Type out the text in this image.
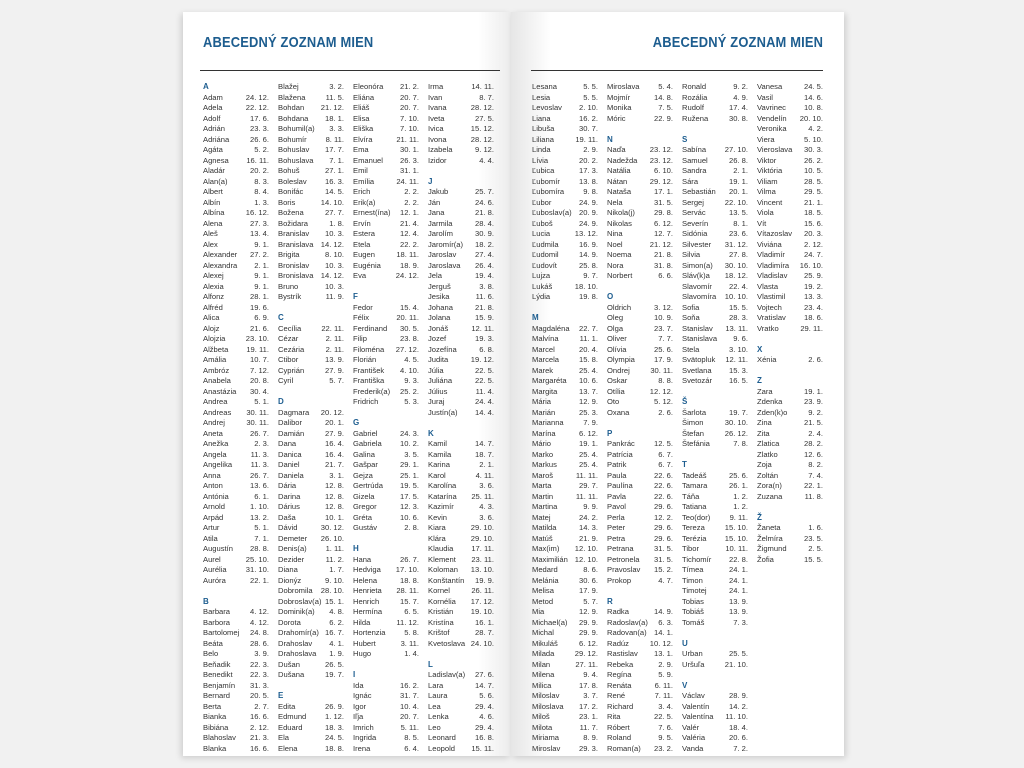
ABECEDNÝ ZOZNAM MIEN
A
Adam	24. 12.
Adela	22. 12.
Adolf	17. 6.
Adrián	23. 3.
Adriána	26. 6.
Agáta	5. 2.
Agnesa 16. 11.
Aladár	20. 2.
Alan(a)	8. 3.
Albert	8. 4.
Albín	1. 3.
Albína	16. 12.
Alena	27. 3.
Aleš	13. 4.
Alex	9. 1.
Alexander 27. 2.
Alexandra 2. 1.
Alexej	9. 1.
Alexia	9. 1.
Alfonz	28. 1.
Alfréd	19. 6.
Alica	6. 9.
Alojz	21. 6.
Alojzia	23. 10.
Alžbeta 19. 11.
Amália	10. 7.
Ambróz	7. 12.
Anabela	20. 8.
Anastázia 30. 4.
Andrea	5. 1.
Andreas 30. 11.
Andrej	30. 11.
Aneta	26. 7.
Anežka	2. 3.
Angela	11. 3.
Angelika 11. 3.
Anna	26. 7.
Anton	13. 6.
Antónia	6. 1.
Arnold	1. 10.
Arpád	13. 2.
Artur	5. 1.
Atila	7. 1.
Augustín 28. 8.
Aurel	25. 10.
Aurélia	31. 10.
Auróra	22. 1.
B
Barbara	4. 12.
Barbora	4. 12.
Bartolomej 24. 8.
Beáta	28. 6.
Belo	3. 9.
Beňadik	22. 3.
Benedikt 22. 3.
Benjamín 31. 3.
Bernard	20. 5.
Berta	2. 7.
Bianka	16. 6.
Bibiána	2. 12.
Blahoslav 21. 3.
Blanka	16. 6.
Blažej	3. 2.
Blažena	11. 5.
Bohdan 21. 12.
Bohdana 18. 1.
Bohumil(a) 3. 3.
Bohumír 8. 11.
Bohuslav 17. 7.
Bohuslava 7. 1.
Bohuš	27. 1.
Boleslav 16. 3.
Bonifác	14. 5.
Boris	14. 10.
Božena	27. 7.
Božidara	1. 8.
Branislav 10. 3.
Branislava 14. 12.
Brigita	8. 10.
Bronislav 10. 3.
Bronislava 14. 12.
Bruno	10. 3.
Bystrík	11. 9.
C
Cecília	22. 11.
Cézar	2. 11.
Cezária	2. 11.
Ctibor	13. 9.
Cyprián	27. 9.
Cyril	5. 7.
D
Dagmara 20. 12.
Dalibor	20. 1.
Damián	27. 9.
Dana	16. 4.
Danica	16. 4.
Daniel	21. 7.
Daniela	3. 1.
Dária	12. 8.
Darina	12. 8.
Dárius	12. 8.
Daša	10. 1.
Dávid	30. 12.
Demeter 26. 10.
Denis(a) 1. 11.
Dezider	11. 2.
Diana	1. 7.
Dionýz	9. 10.
Dobromila 28. 10.
Dobroslav(a) 15. 1.
Dominik(a) 4. 8.
Dorota	6. 2.
Drahomír(a) 16. 7.
Drahoslav 4. 1.
Drahoslava 1. 9.
Dušan	26. 5.
Dušana	19. 7.
E
Edita	26. 9.
Edmund 1. 12.
Eduard	18. 3.
Ela	24. 5.
Elena	18. 8.
Eleonóra 21. 2.
Eliána	20. 7.
Eliáš	20. 7.
Elisa	7. 10.
Eliška	7. 10.
Elvíra	21. 11.
Ema	30. 1.
Emanuel 26. 3.
Emil	31. 1.
Emília	24. 11.
Erich	2. 2.
Erik(a)	2. 2.
Ernest(ína) 12. 1.
Ervín	21. 4.
Estera	12. 4.
Etela	22. 2.
Eugen	18. 11.
Eugénia	18. 9.
Eva	24. 12.
F
Fedor	15. 4.
Félix	20. 11.
Ferdinand 30. 5.
Filip	23. 8.
Filoména 27. 12.
Florián	4. 5.
František 4. 10.
Františka	9. 3.
Frederik(a) 25. 2.
Fridrich	5. 3.
G
Gabriel	24. 3.
Gabriela 10. 2.
Galina	3. 5.
Gašpar	29. 1.
Gejza	25. 1.
Gertrúda 19. 5.
Gizela	17. 5.
Gregor	12. 3.
Gréta	10. 6.
Gustáv	2. 8.
H
Hana	26. 7.
Hedviga 17. 10.
Helena	18. 8.
Henrieta 28. 11.
Henrich	15. 7.
Hermína	6. 5.
Hilda	11. 12.
Hortenzia 5. 8.
Hubert	3. 11.
Hugo	1. 4.
I
Ida	16. 2.
Ignác	31. 7.
Igor	10. 4.
Iľja	20. 7.
Imrich	5. 11.
Ingrida	8. 5.
Irena	6. 4.
Irma	14. 11.
Ivan	8. 7.
Ivana	28. 12.
Iveta	27. 5.
Ivica	15. 12.
Ivona	28. 12.
Izabela	9. 12.
Izidor	4. 4.
J
Jakub	25. 7.
Ján	24. 6.
Jana	21. 8.
Jarmila	28. 4.
Jarolím	30. 9.
Jaromír(a) 18. 2.
Jaroslav 27. 4.
Jaroslava 26. 4.
Jela	19. 4.
Jerguš	3. 8.
Jesika	11. 6.
Johana	21. 8.
Jolana	15. 9.
Jonáš	12. 11.
Jozef	19. 3.
Jozefína	6. 8.
Judita	19. 12.
Júlia	22. 5.
Juliána	22. 5.
Július	11. 4.
Juraj	24. 4.
Justín(a) 14. 4.
K
Kamil	14. 7.
Kamila	18. 7.
Karina	2. 1.
Karol	4. 11.
Karolína	3. 6.
Katarína 25. 11.
Kazimír	4. 3.
Kevin	3. 6.
Kiara	29. 10.
Klára	29. 10.
Klaudia 17. 11.
Klement 23. 11.
Koloman 13. 10.
Konštantín 19. 9.
Kornel	26. 11.
Kornélia 17. 12.
Kristián 19. 10.
Kristína	16. 1.
Krištof	28. 7.
Kvetoslava 24. 10.
L
Ladislav(a) 27. 6.
Lara	14. 7.
Laura	5. 6.
Lea	29. 4.
Lenka	4. 6.
Leo	29. 4.
Leonard	16. 8.
Leopold 15. 11.
ABECEDNÝ ZOZNAM MIEN
Lesana	5. 5.
Lesia	5. 5.
Levoslav 2. 10.
Liana	16. 2.
Libuša	30. 7.
Liliana	19. 11.
Linda	2. 9.
Lívia	20. 2.
Ľubica	17. 3.
Ľubomír	13. 8.
Ľubomíra	9. 8.
Ľubor	24. 9.
Ľuboslav(a) 20. 9.
Ľuboš	24. 9.
Lucia	13. 12.
Ľudmila	16. 9.
Ľudomil	14. 9.
Ľudovít	25. 8.
Lujza	9. 7.
Lukáš	18. 10.
Lýdia	19. 8.
M
Magdaléna 22. 7.
Malvína	11. 1.
Marcel	20. 4.
Marcela	15. 8.
Marek	25. 4.
Margaréta 10. 6.
Margita	13. 7.
Mária	12. 9.
Marián	25. 3.
Marianna	7. 9.
Marína	6. 12.
Mário	19. 1.
Marko	25. 4.
Markus	25. 4.
Maroš	11. 11.
Marta	29. 7.
Martin	11. 11.
Martina	9. 9.
Matej	24. 2.
Matilda	14. 3.
Matúš	21. 9.
Max(im) 12. 10.
Maximilián 12. 10.
Medard	8. 6.
Melánia	30. 6.
Melisa	17. 9.
Metod	5. 7.
Mia	12. 9.
Michael(a) 29. 9.
Michal	29. 9.
Mikuláš	6. 12.
Milada	29. 12.
Milan	27. 11.
Milena	9. 4.
Milica	17. 8.
Miloslav	3. 7.
Miloslava 17. 2.
Miloš	23. 1.
Milota	11. 7.
Miriama	8. 9.
Miroslav 29. 3.
Miroslava 5. 4.
Mojmír	14. 8.
Monika	7. 5.
Móric	22. 9.
N
Naďa	23. 12.
Nadežda 23. 12.
Natália	6. 10.
Nátan	29. 12.
Nataša	17. 1.
Nela	31. 5.
Nikola(j)	29. 8.
Nikolas	6. 12.
Nina	12. 7.
Noel	21. 12.
Noema	21. 8.
Nora	31. 8.
Norbert	6. 6.
O
Oldrich	3. 12.
Oleg	10. 9.
Olga	23. 7.
Oliver	7. 7.
Olívia	25. 6.
Olympia	17. 9.
Ondrej	30. 11.
Oskar	8. 8.
Otília	12. 12.
Oto	5. 12.
Oxana	2. 6.
P
Pankrác	12. 5.
Patrícia	6. 7.
Patrik	6. 7.
Paula	22. 6.
Paulína	22. 6.
Pavla	22. 6.
Pavol	29. 6.
Perla	12. 2.
Peter	29. 6.
Petra	29. 6.
Petrana	31. 5.
Petronela 31. 5.
Pravoslav 15. 2.
Prokop	4. 7.
R
Radka	14. 9.
Radoslav(a) 6. 3.
Radovan(a) 14. 1.
Radúz	10. 12.
Rastislav 13. 1.
Rebeka	2. 9.
Regína	5. 9.
Renáta	6. 11.
René	7. 11.
Richard	3. 4.
Rita	22. 5.
Róbert	7. 6.
Roland	9. 5.
Roman(a) 23. 2.
Ronald	9. 2.
Rozália	4. 9.
Rudolf	17. 4.
Ružena	30. 8.
S
Sabína 27. 10.
Samuel	26. 8.
Sandra	2. 1.
Sára	19. 1.
Sebastián 20. 1.
Sergej	22. 10.
Servác	13. 5.
Severín	8. 1.
Sidónia	23. 6.
Silvester 31. 12.
Silvia	27. 8.
Simon(a) 30. 10.
Sláv(k)a 18. 12.
Slavomír 22. 4.
Slavomíra 10. 10.
Sofia	15. 5.
Soňa	28. 3.
Stanislav 13. 11.
Stanislava 9. 6.
Stela	3. 10.
Svätopluk 12. 11.
Svetlana 15. 3.
Svetozár 16. 5.
Š
Šarlota	19. 7.
Šimon	30. 10.
Štefan	26. 12.
Štefánia	7. 8.
T
Tadeáš	25. 6.
Tamara	26. 1.
Táňa	1. 2.
Tatiana	1. 2.
Teo(dor)	9. 11.
Tereza	15. 10.
Terézia 15. 10.
Tibor	10. 11.
Tichomír 22. 8.
Tímea	24. 1.
Timon	24. 1.
Timotej	24. 1.
Tobias	13. 9.
Tobiáš	13. 9.
Tomáš	7. 3.
U
Urban	25. 5.
Uršuľa	21. 10.
V
Václav	28. 9.
Valentín	14. 2.
Valentína 11. 10.
Valér	18. 4.
Valéria	20. 6.
Vanda	7. 2.
Vanesa	24. 5.
Vasil	14. 6.
Vavrinec 10. 8.
Vendelín 20. 10.
Veronika	4. 2.
Viera	5. 10.
Vieroslava 30. 3.
Viktor	26. 2.
Viktória	10. 5.
Viliam	28. 5.
Vilma	29. 5.
Vincent	21. 1.
Viola	18. 5.
Vít	15. 6.
Vítazoslav 20. 3.
Viviána	2. 12.
Vladimír	24. 7.
Vladimíra 16. 10.
Vladislav 25. 9.
Vlasta	19. 2.
Vlastimil 13. 3.
Vojtech	23. 4.
Vratislav 18. 6.
Vratko	29. 11.
X
Xénia	2. 6.
Z
Zara	19. 1.
Zdenka	23. 9.
Zden(k)o	9. 2.
Zina	21. 5.
Zita	2. 4.
Zlatica	28. 2.
Zlatko	12. 6.
Zoja	8. 2.
Zoltán	7. 4.
Zora(n)	22. 1.
Zuzana	11. 8.
Ž
Žaneta	1. 6.
Želmíra	23. 5.
Žigmund	2. 5.
Žofia	15. 5.
